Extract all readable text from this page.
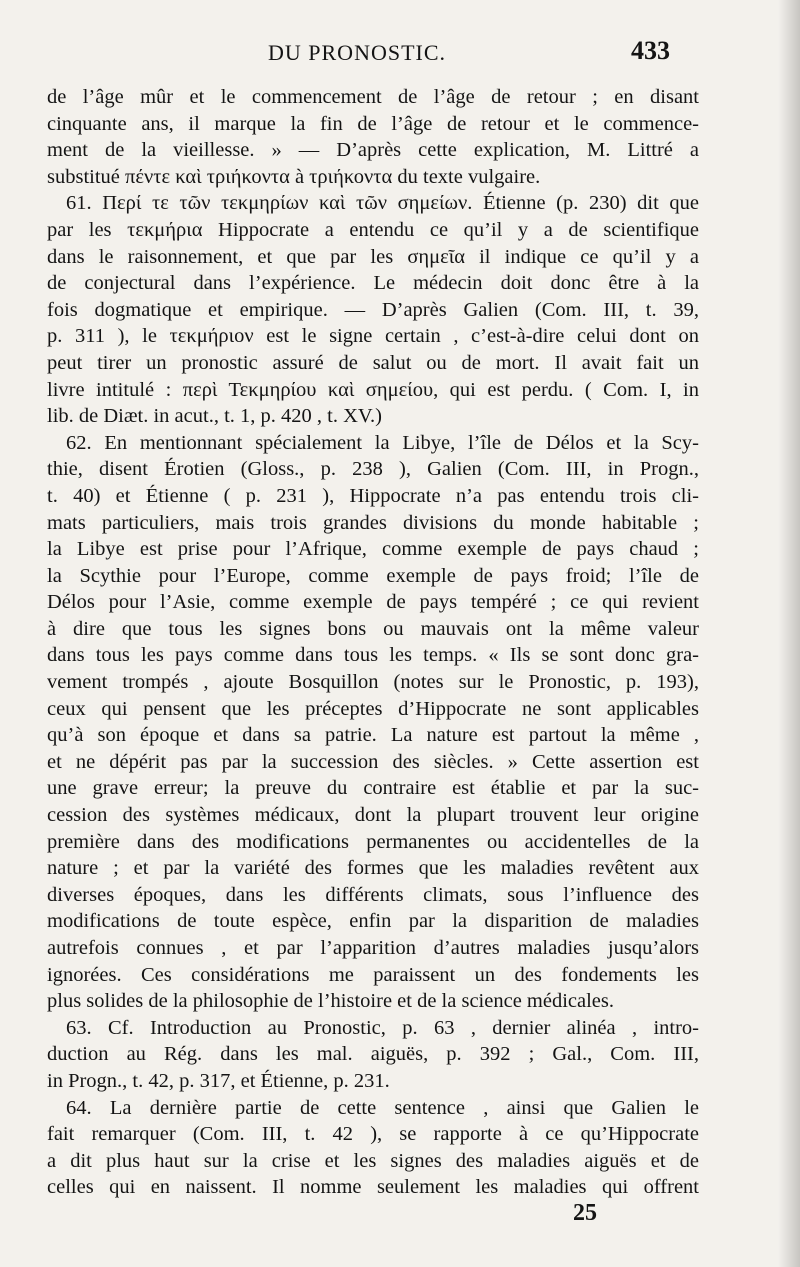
DU PRONOSTIC.	433
de l’âge mûr et le commencement de l’âge de retour ; en disant
cinquante ans, il marque la fin de l’âge de retour et le commence-
ment de la vieillesse. » — D’après cette explication, M. Littré a
substitué πέντε καὶ τριήκοντα à τριήκοντα du texte vulgaire.
61. Περί τε τῶν τεκμηρίων καὶ τῶν σημείων. Étienne (p. 230) dit que
par les τεκμήρια Hippocrate a entendu ce qu’il y a de scientifique
dans le raisonnement, et que par les σημεῖα il indique ce qu’il y a
de conjectural dans l’expérience. Le médecin doit donc être à la
fois dogmatique et empirique. — D’après Galien (Com. III, t. 39,
p. 311 ), le τεκμήριον est le signe certain , c’est-à-dire celui dont on
peut tirer un pronostic assuré de salut ou de mort. Il avait fait un
livre intitulé : περὶ Τεκμηρίου καὶ σημείου, qui est perdu. ( Com. I, in
lib. de Diæt. in acut., t. 1, p. 420 , t. XV.)
62. En mentionnant spécialement la Libye, l’île de Délos et la Scy-
thie, disent Érotien (Gloss., p. 238 ), Galien (Com. III, in Progn.,
t. 40) et Étienne ( p. 231 ), Hippocrate n’a pas entendu trois cli-
mats particuliers, mais trois grandes divisions du monde habitable ;
la Libye est prise pour l’Afrique, comme exemple de pays chaud ;
la Scythie pour l’Europe, comme exemple de pays froid; l’île de
Délos pour l’Asie, comme exemple de pays tempéré ; ce qui revient
à dire que tous les signes bons ou mauvais ont la même valeur
dans tous les pays comme dans tous les temps. « Ils se sont donc gra-
vement trompés , ajoute Bosquillon (notes sur le Pronostic, p. 193),
ceux qui pensent que les préceptes d’Hippocrate ne sont applicables
qu’à son époque et dans sa patrie. La nature est partout la même ,
et ne dépérit pas par la succession des siècles. » Cette assertion est
une grave erreur; la preuve du contraire est établie et par la suc-
cession des systèmes médicaux, dont la plupart trouvent leur origine
première dans des modifications permanentes ou accidentelles de la
nature ; et par la variété des formes que les maladies revêtent aux
diverses époques, dans les différents climats, sous l’influence des
modifications de toute espèce, enfin par la disparition de maladies
autrefois connues , et par l’apparition d’autres maladies jusqu’alors
ignorées. Ces considérations me paraissent un des fondements les
plus solides de la philosophie de l’histoire et de la science médicales.
63. Cf. Introduction au Pronostic, p. 63 , dernier alinéa , intro-
duction au Rég. dans les mal. aiguës, p. 392 ; Gal., Com. III,
in Progn., t. 42, p. 317, et Étienne, p. 231.
64. La dernière partie de cette sentence , ainsi que Galien le
fait remarquer (Com. III, t. 42 ), se rapporte à ce qu’Hippocrate
a dit plus haut sur la crise et les signes des maladies aiguës et de
celles qui en naissent. Il nomme seulement les maladies qui offrent
25
